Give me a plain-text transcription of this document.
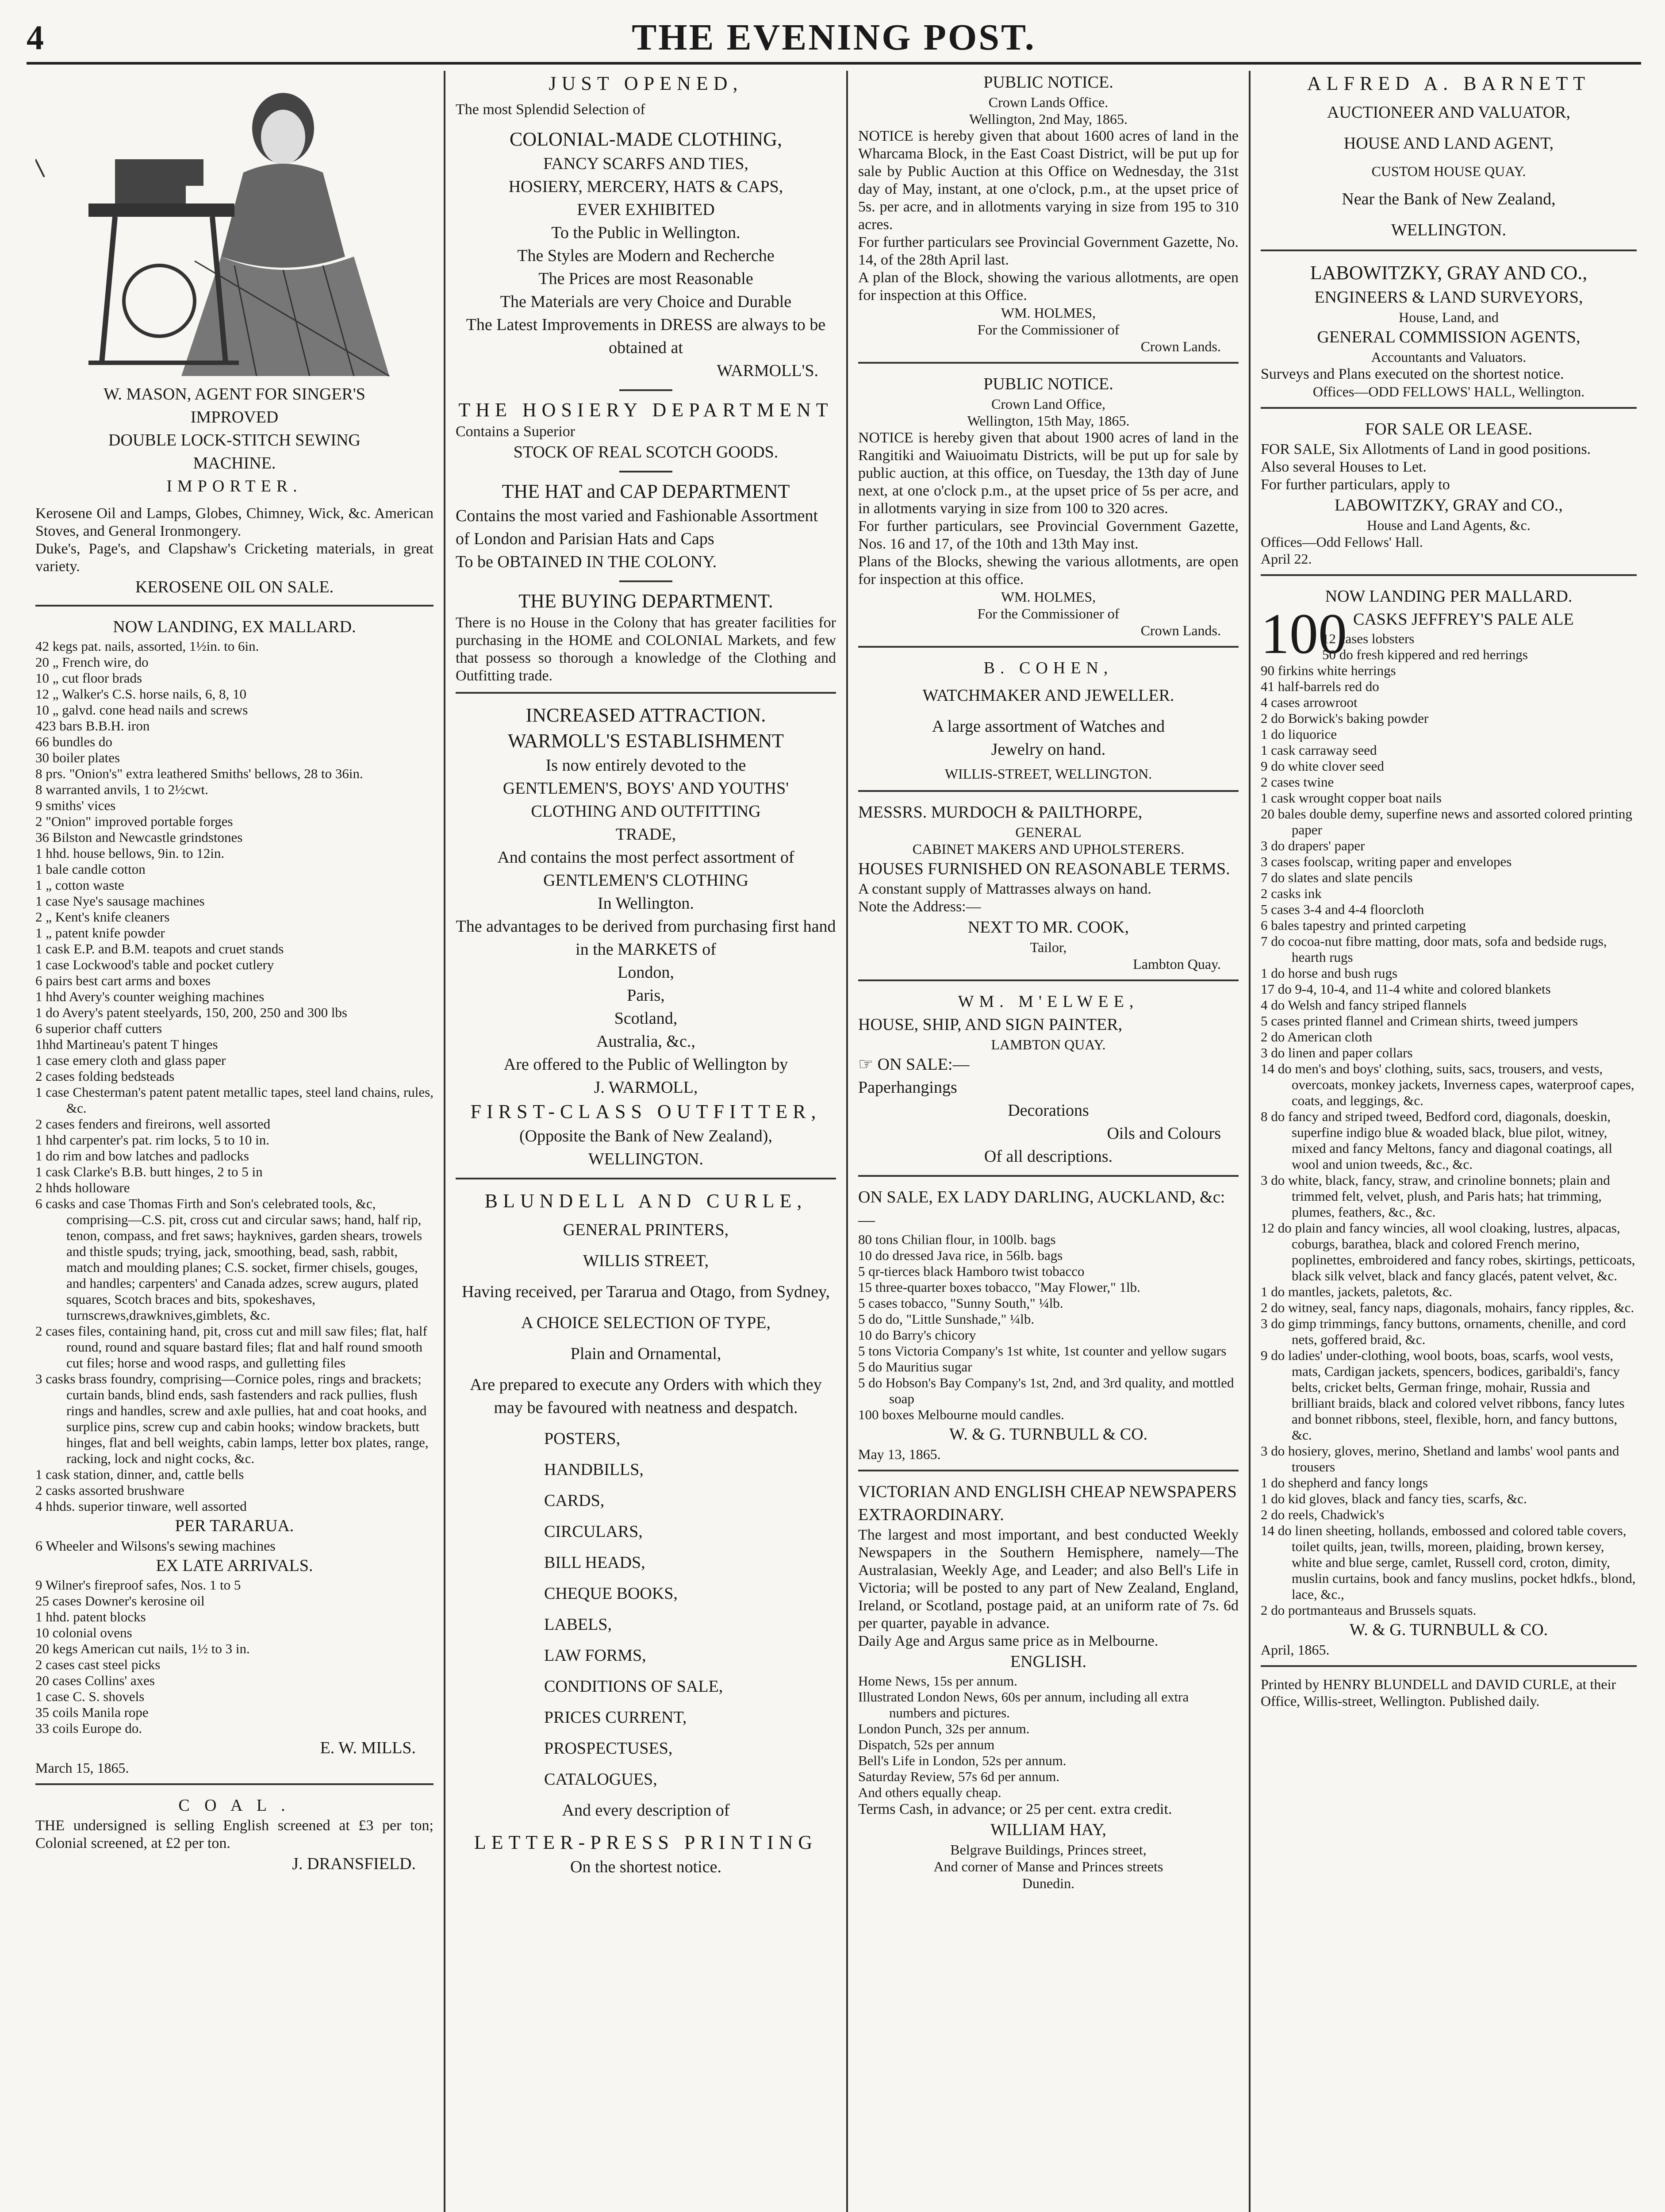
4	THE EVENING POST.
W. MASON, AGENT FOR SINGER'S
IMPROVED
DOUBLE LOCK-STITCH SEWING
MACHINE.
IMPORTER.
Kerosene Oil and Lamps, Globes, Chimney, Wick, &c. American Stoves, and General Ironmongery.
Duke's, Page's, and Clapshaw's Cricketing materials, in great variety.
KEROSENE OIL ON SALE.
NOW LANDING, EX MALLARD.
42 kegs pat. nails, assorted, 1½in. to 6in.
20 „ French wire, do
10 „ cut floor brads
12 „ Walker's C.S. horse nails, 6, 8, 10
10 „ galvd. cone head nails and screws
423 bars B.B.H. iron
66 bundles do
30 boiler plates
8 prs. "Onion's" extra leathered Smiths' bellows, 28 to 36in.
8 warranted anvils, 1 to 2½cwt.
9 smiths' vices
2 "Onion" improved portable forges
36 Bilston and Newcastle grindstones
1 hhd. house bellows, 9in. to 12in.
1 bale candle cotton
1 „ cotton waste
1 case Nye's sausage machines
2 „ Kent's knife cleaners
1 „ patent knife powder
1 cask E.P. and B.M. teapots and cruet stands
1 case Lockwood's table and pocket cutlery
6 pairs best cart arms and boxes
1 hhd Avery's counter weighing machines
1 do Avery's patent steelyards, 150, 200, 250 and 300 lbs
6 superior chaff cutters
1hhd Martineau's patent T hinges
1 case emery cloth and glass paper
2 cases folding bedsteads
1 case Chesterman's patent patent metallic tapes, steel land chains, rules, &c.
2 cases fenders and fireirons, well assorted
1 hhd carpenter's pat. rim locks, 5 to 10 in.
1 do rim and bow latches and padlocks
1 cask Clarke's B.B. butt hinges, 2 to 5 in
2 hhds holloware
6 casks and case Thomas Firth and Son's celebrated tools, &c, comprising—C.S. pit, cross cut and circular saws; hand, half rip, tenon, compass, and fret saws; hayknives, garden shears, trowels and thistle spuds; trying, jack, smoothing, bead, sash, rabbit, match and moulding planes; C.S. socket, firmer chisels, gouges, and handles; carpenters' and Canada adzes, screw augurs, plated squares, Scotch braces and bits, spokeshaves, turnscrews,drawknives,gimblets, &c.
2 cases files, containing hand, pit, cross cut and mill saw files; flat, half round, round and square bastard files; flat and half round smooth cut files; horse and wood rasps, and gulletting files
3 casks brass foundry, comprising—Cornice poles, rings and brackets; curtain bands, blind ends, sash fastenders and rack pullies, flush rings and handles, screw and axle pullies, hat and coat hooks, and surplice pins, screw cup and cabin hooks; window brackets, butt hinges, flat and bell weights, cabin lamps, letter box plates, range, racking, lock and night cocks, &c.
1 cask station, dinner, and, cattle bells
2 casks assorted brushware
4 hhds. superior tinware, well assorted
PER TARARUA.
6 Wheeler and Wilsons's sewing machines
EX LATE ARRIVALS.
9 Wilner's fireproof safes, Nos. 1 to 5
25 cases Downer's kerosine oil
1 hhd. patent blocks
10 colonial ovens
20 kegs American cut nails, 1½ to 3 in.
2 cases cast steel picks
20 cases Collins' axes
1 case C. S. shovels
35 coils Manila rope
33 coils Europe do.
E. W. MILLS.
March 15, 1865.
C O A L .
THE undersigned is selling English screened at £3 per ton; Colonial screened, at £2 per ton.
J. DRANSFIELD.
JUST OPENED,
The most Splendid Selection of
COLONIAL-MADE CLOTHING,
FANCY SCARFS AND TIES,
HOSIERY, MERCERY, HATS & CAPS,
EVER EXHIBITED
To the Public in Wellington.
The Styles are Modern and Recherche
The Prices are most Reasonable
The Materials are very Choice and Durable
The Latest Improvements in DRESS are always to be obtained at
WARMOLL'S.
THE HOSIERY DEPARTMENT
Contains a Superior
STOCK OF REAL SCOTCH GOODS.
THE HAT and CAP DEPARTMENT
Contains the most varied and Fashionable Assortment of London and Parisian Hats and Caps
To be OBTAINED IN THE COLONY.
THE BUYING DEPARTMENT.
There is no House in the Colony that has greater facilities for purchasing in the HOME and COLONIAL Markets, and few that possess so thorough a knowledge of the Clothing and Outfitting trade.
INCREASED ATTRACTION.
WARMOLL'S ESTABLISHMENT
Is now entirely devoted to the
GENTLEMEN'S, BOYS' AND YOUTHS'
CLOTHING AND OUTFITTING
TRADE,
And contains the most perfect assortment of
GENTLEMEN'S CLOTHING
In Wellington.
The advantages to be derived from purchasing first hand in the MARKETS of
London,
Paris,
Scotland,
Australia, &c.,
Are offered to the Public of Wellington by
J. WARMOLL,
FIRST-CLASS OUTFITTER,
(Opposite the Bank of New Zealand),
WELLINGTON.
BLUNDELL AND CURLE,
GENERAL PRINTERS,
WILLIS STREET,
Having received, per Tararua and Otago, from Sydney,
A CHOICE SELECTION OF TYPE,
Plain and Ornamental,
Are prepared to execute any Orders with which they may be favoured with neatness and despatch.
POSTERS,
HANDBILLS,
CARDS,
CIRCULARS,
BILL HEADS,
CHEQUE BOOKS,
LABELS,
LAW FORMS,
CONDITIONS OF SALE,
PRICES CURRENT,
PROSPECTUSES,
CATALOGUES,
And every description of
LETTER-PRESS PRINTING
On the shortest notice.
PUBLIC NOTICE.
Crown Lands Office.
Wellington, 2nd May, 1865.
NOTICE is hereby given that about 1600 acres of land in the Wharcama Block, in the East Coast District, will be put up for sale by Public Auction at this Office on Wednesday, the 31st day of May, instant, at one o'clock, p.m., at the upset price of 5s. per acre, and in allotments varying in size from 195 to 310 acres.
For further particulars see Provincial Government Gazette, No. 14, of the 28th April last.
A plan of the Block, showing the various allotments, are open for inspection at this Office.
WM. HOLMES,
For the Commissioner of
Crown Lands.
PUBLIC NOTICE.
Crown Land Office,
Wellington, 15th May, 1865.
NOTICE is hereby given that about 1900 acres of land in the Rangitiki and Waiuoimatu Districts, will be put up for sale by public auction, at this office, on Tuesday, the 13th day of June next, at one o'clock p.m., at the upset price of 5s per acre, and in allotments varying in size from 100 to 320 acres.
For further particulars, see Provincial Government Gazette, Nos. 16 and 17, of the 10th and 13th May inst.
Plans of the Blocks, shewing the various allotments, are open for inspection at this office.
WM. HOLMES,
For the Commissioner of
Crown Lands.
B. COHEN,
WATCHMAKER AND JEWELLER.
A large assortment of Watches and
Jewelry on hand.
WILLIS-STREET, WELLINGTON.
MESSRS. MURDOCH & PAILTHORPE,
GENERAL
CABINET MAKERS AND UPHOLSTERERS.
HOUSES FURNISHED ON REASONABLE TERMS.
A constant supply of Mattrasses always on hand.
Note the Address:—
NEXT TO MR. COOK,
Tailor,
Lambton Quay.
WM. M'ELWEE,
HOUSE, SHIP, AND SIGN PAINTER,
LAMBTON QUAY.
☞ ON SALE:—
Paperhangings
Decorations
Oils and Colours
Of all descriptions.
ON SALE, EX LADY DARLING, AUCKLAND, &c:—
80 tons Chilian flour, in 100lb. bags
10 do dressed Java rice, in 56lb. bags
5 qr-tierces black Hamboro twist tobacco
15 three-quarter boxes tobacco, "May Flower," 1lb.
5 cases tobacco, "Sunny South," ¼lb.
5 do do, "Little Sunshade," ¼lb.
10 do Barry's chicory
5 tons Victoria Company's 1st white, 1st counter and yellow sugars
5 do Mauritius sugar
5 do Hobson's Bay Company's 1st, 2nd, and 3rd quality, and mottled soap
100 boxes Melbourne mould candles.
W. & G. TURNBULL & CO.
May 13, 1865.
VICTORIAN AND ENGLISH CHEAP NEWSPAPERS EXTRAORDINARY.
The largest and most important, and best conducted Weekly Newspapers in the Southern Hemisphere, namely—The Australasian, Weekly Age, and Leader; and also Bell's Life in Victoria; will be posted to any part of New Zealand, England, Ireland, or Scotland, postage paid, at an uniform rate of 7s. 6d per quarter, payable in advance.
Daily Age and Argus same price as in Melbourne.
ENGLISH.
Home News, 15s per annum.
Illustrated London News, 60s per annum, including all extra numbers and pictures.
London Punch, 32s per annum.
Dispatch, 52s per annum
Bell's Life in London, 52s per annum.
Saturday Review, 57s 6d per annum.
And others equally cheap.
Terms Cash, in advance; or 25 per cent. extra credit.
WILLIAM HAY,
Belgrave Buildings, Princes street,
And corner of Manse and Princes streets
Dunedin.
ALFRED A. BARNETT
AUCTIONEER AND VALUATOR,
HOUSE AND LAND AGENT,
CUSTOM HOUSE QUAY.
Near the Bank of New Zealand,
WELLINGTON.
LABOWITZKY, GRAY AND CO.,
ENGINEERS & LAND SURVEYORS,
House, Land, and
GENERAL COMMISSION AGENTS,
Accountants and Valuators.
Surveys and Plans executed on the shortest notice.
Offices—ODD FELLOWS' HALL, Wellington.
FOR SALE OR LEASE.
FOR SALE, Six Allotments of Land in good positions.
Also several Houses to Let.
For further particulars, apply to
LABOWITZKY, GRAY and CO.,
House and Land Agents, &c.
Offices—Odd Fellows' Hall.
April 22.
NOW LANDING PER MALLARD.
100 CASKS JEFFREY'S PALE ALE
12 cases lobsters
50 do fresh kippered and red herrings
90 firkins white herrings
41 half-barrels red do
4 cases arrowroot
2 do Borwick's baking powder
1 do liquorice
1 cask carraway seed
9 do white clover seed
2 cases twine
1 cask wrought copper boat nails
20 bales double demy, superfine news and assorted colored printing paper
3 do drapers' paper
3 cases foolscap, writing paper and envelopes
7 do slates and slate pencils
2 casks ink
5 cases 3-4 and 4-4 floorcloth
6 bales tapestry and printed carpeting
7 do cocoa-nut fibre matting, door mats, sofa and bedside rugs, hearth rugs
1 do horse and bush rugs
17 do 9-4, 10-4, and 11-4 white and colored blankets
4 do Welsh and fancy striped flannels
5 cases printed flannel and Crimean shirts, tweed jumpers
2 do American cloth
3 do linen and paper collars
14 do men's and boys' clothing, suits, sacs, trousers, and vests, overcoats, monkey jackets, Inverness capes, waterproof capes, coats, and leggings, &c.
8 do fancy and striped tweed, Bedford cord, diagonals, doeskin, superfine indigo blue & woaded black, blue pilot, witney, mixed and fancy Meltons, fancy and diagonal coatings, all wool and union tweeds, &c., &c.
3 do white, black, fancy, straw, and crinoline bonnets; plain and trimmed felt, velvet, plush, and Paris hats; hat trimming, plumes, feathers, &c., &c.
12 do plain and fancy wincies, all wool cloaking, lustres, alpacas, coburgs, barathea, black and colored French merino, poplinettes, embroidered and fancy robes, skirtings, petticoats, black silk velvet, black and fancy glacés, patent velvet, &c.
1 do mantles, jackets, paletots, &c.
2 do witney, seal, fancy naps, diagonals, mohairs, fancy ripples, &c.
3 do gimp trimmings, fancy buttons, ornaments, chenille, and cord nets, goffered braid, &c.
9 do ladies' under-clothing, wool boots, boas, scarfs, wool vests, mats, Cardigan jackets, spencers, bodices, garibaldi's, fancy belts, cricket belts, German fringe, mohair, Russia and brilliant braids, black and colored velvet ribbons, fancy lutes and bonnet ribbons, steel, flexible, horn, and fancy buttons, &c.
3 do hosiery, gloves, merino, Shetland and lambs' wool pants and trousers
1 do shepherd and fancy longs
1 do kid gloves, black and fancy ties, scarfs, &c.
2 do reels, Chadwick's
14 do linen sheeting, hollands, embossed and colored table covers, toilet quilts, jean, twills, moreen, plaiding, brown kersey, white and blue serge, camlet, Russell cord, croton, dimity, muslin curtains, book and fancy muslins, pocket hdkfs., blond, lace, &c.,
2 do portmanteaus and Brussels squats.
W. & G. TURNBULL & CO.
April, 1865.
Printed by HENRY BLUNDELL and DAVID CURLE, at their Office, Willis-street, Wellington. Published daily.
